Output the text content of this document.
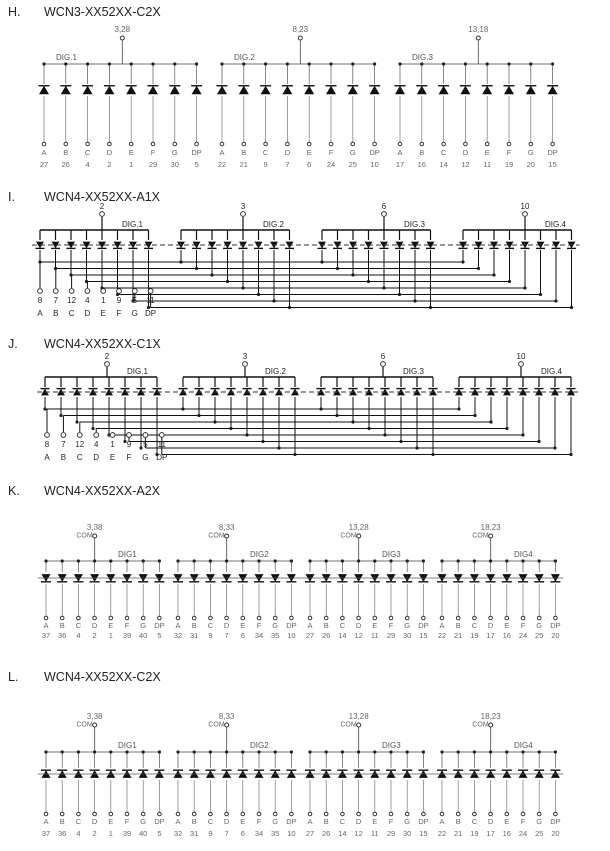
H. WCN3-XX52XX-C2X
I. WCN4-XX52XX-A1X
J. WCN4-XX52XX-C1X
K. WCN4-XX52XX-A2X
L. WCN4-XX52XX-C2X
3,28
DIG.1
8,23
DIG.2
13,18
DIG.3
A
27
B
26
C
4
D
2
E
1
F
29
G
30
DP
5
A
22
B
21
C
9
D
7
E
6
F
24
G
25
DP
10
A
17
B
16
C
14
D
12
E
11
F
19
G
20
DP
15
2
DIG.1
3
DIG.2
6
DIG.3
10
DIG.4
8
A
7
B
12
C
4
D
1
E
9
F
5
G
11
DP
2
DIG.1
3
DIG.2
6
DIG.3
10
DIG.4
8
A
7
B
12
C
4
D
1
E
9
F
5
G
11
DP
3,38
COM
DIG1
8,33
COM
DIG2
13,28
COM
DIG3
18,23
COM
DIG4
A
37
B
36
C
4
D
2
E
1
F
39
G
40
DP
5
A
32
B
31
C
9
D
7
E
6
F
34
G
35
DP
10
A
27
B
26
C
14
D
12
E
11
F
29
G
30
DP
15
A
22
B
21
C
19
D
17
E
16
F
24
G
25
DP
20
3,38
COM
DIG1
8,33
COM
DIG2
13,28
COM
DIG3
18,23
COM
DIG4
A
37
B
36
C
4
D
2
E
1
F
39
G
40
DP
5
A
32
B
31
C
9
D
7
E
6
F
34
G
35
DP
10
A
27
B
26
C
14
D
12
E
11
F
29
G
30
DP
15
A
22
B
21
C
19
D
17
E
16
F
24
G
25
DP
20
